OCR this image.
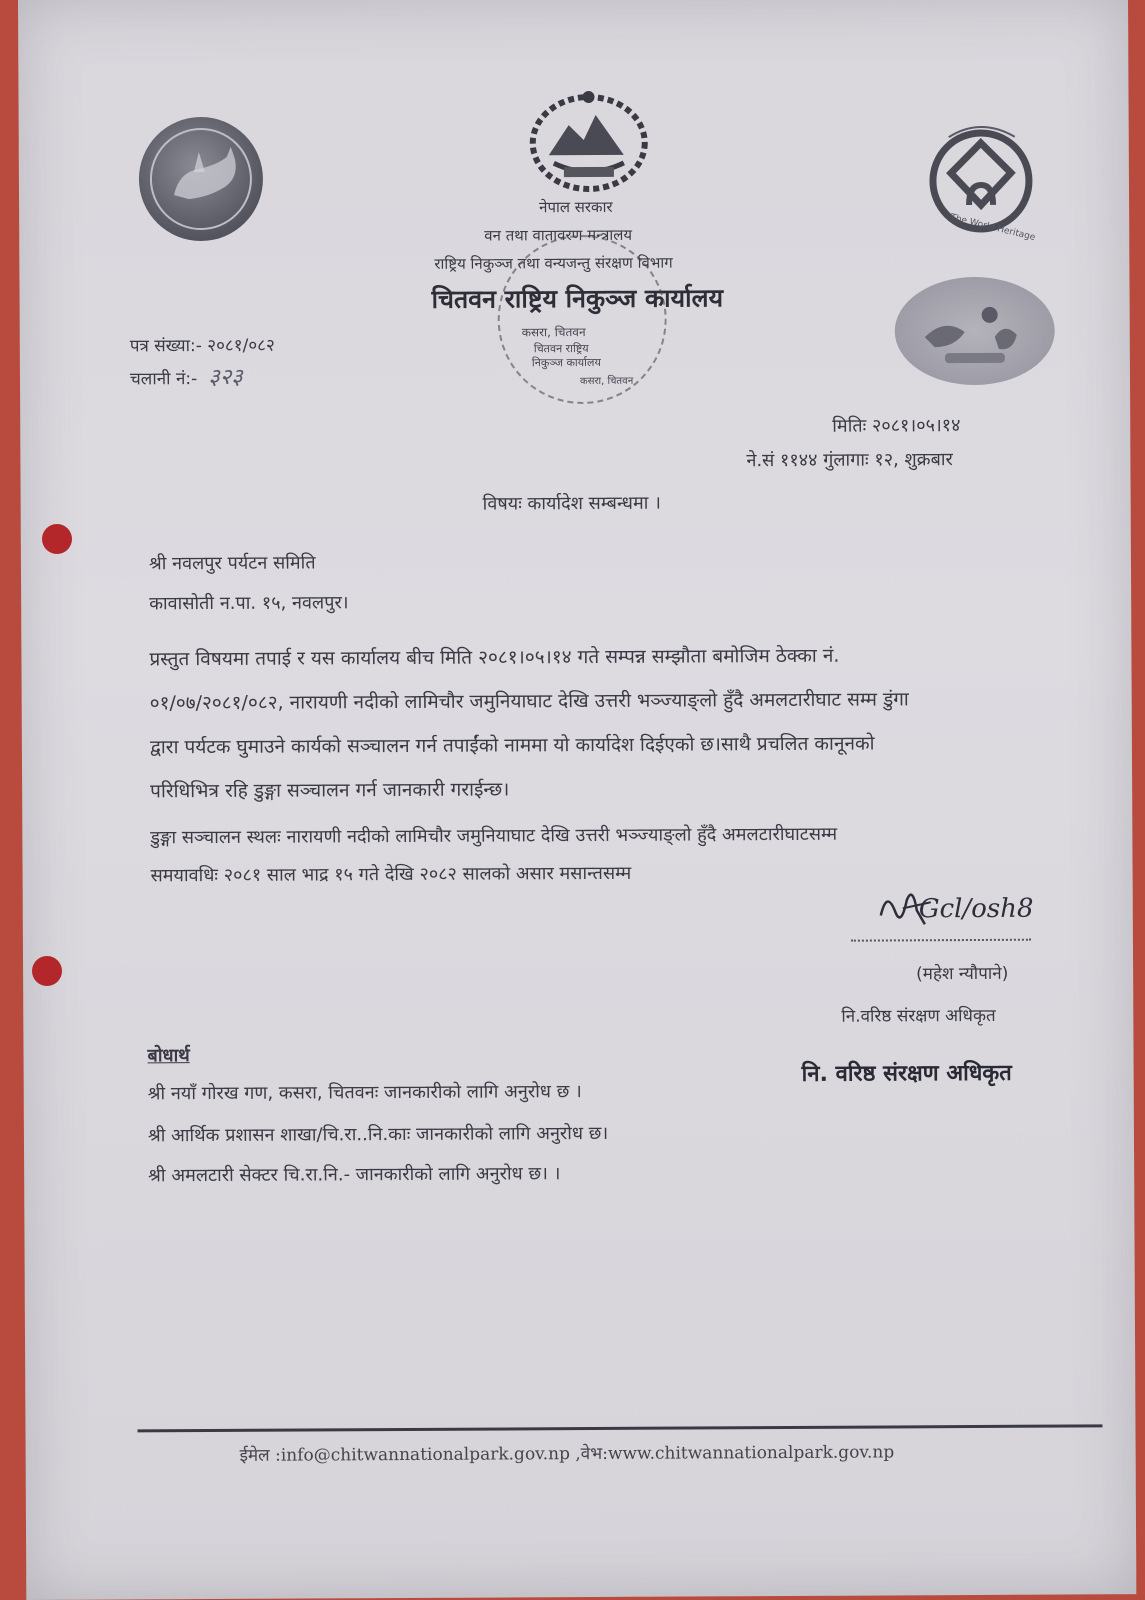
The World Heritage
नेपाल सरकार
वन तथा वातावरण मन्त्रालय
राष्ट्रिय निकुञ्ज तथा वन्यजन्तु संरक्षण विभाग
चितवन राष्ट्रिय निकुञ्ज कार्यालय
कसरा, चितवन
चितवन राष्ट्रिय
निकुञ्ज कार्यालय
कसरा, चितवन
पत्र संख्या:- २०८१/०८२
चलानी नं:- ३२३
मितिः २०८१।०५।१४
ने.सं ११४४ गुंलागाः १२, शुक्रबार
विषयः कार्यादेश सम्बन्धमा ।
श्री नवलपुर पर्यटन समिति
कावासोती न.पा. १५, नवलपुर।
प्रस्तुत विषयमा तपाई र यस कार्यालय बीच मिति २०८१।०५।१४ गते सम्पन्न सम्झौता बमोजिम ठेक्का नं.
०१/०७/२०८१/०८२, नारायणी नदीको लामिचौर जमुनियाघाट देखि उत्तरी भञ्ज्याङ्लो हुँदै अमलटारीघाट सम्म डुंगा
द्वारा पर्यटक घुमाउने कार्यको सञ्चालन गर्न तपाईंको नाममा यो कार्यादेश दिईएको छ।साथै प्रचलित कानूनको
परिधिभित्र रहि डुङ्गा सञ्चालन गर्न जानकारी गराईन्छ।
डुङ्गा सञ्चालन स्थलः नारायणी नदीको लामिचौर जमुनियाघाट देखि उत्तरी भञ्ज्याङ्लो हुँदै अमलटारीघाटसम्म
समयावधिः २०८१ साल भाद्र १५ गते देखि २०८२ सालको असार मसान्तसम्म
Gcl/osh8
(महेश न्यौपाने)
नि.वरिष्ठ संरक्षण अधिकृत
नि. वरिष्ठ संरक्षण अधिकृत
बोधार्थ
श्री नयाँ गोरख गण, कसरा, चितवनः जानकारीको लागि अनुरोध छ ।
श्री आर्थिक प्रशासन शाखा/चि.रा..नि.काः जानकारीको लागि अनुरोध छ।
श्री अमलटारी सेक्टर चि.रा.नि.- जानकारीको लागि अनुरोध छ। ।
ईमेल :info@chitwannationalpark.gov.np ,वेभ:www.chitwannationalpark.gov.np
